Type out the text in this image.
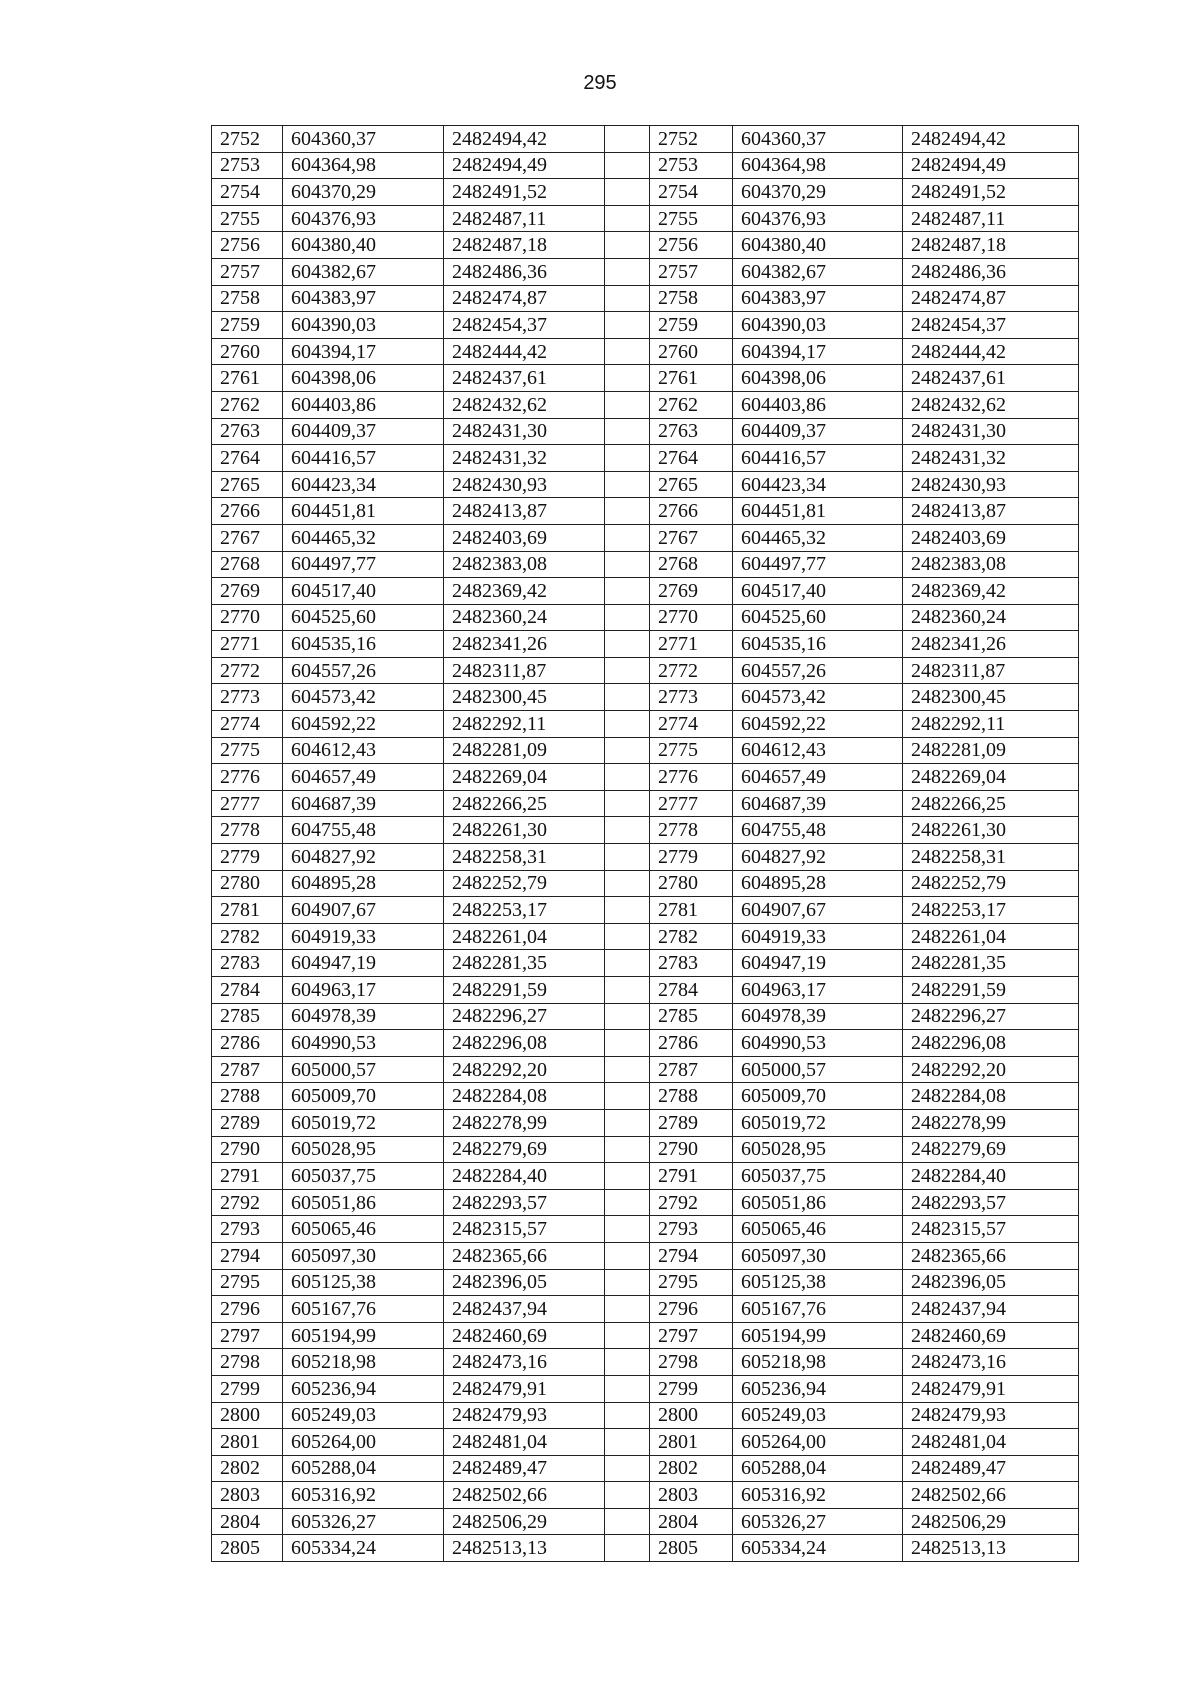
295
2752	604360,37	2482494,42		2752	604360,37	2482494,42
2753	604364,98	2482494,49		2753	604364,98	2482494,49
2754	604370,29	2482491,52		2754	604370,29	2482491,52
2755	604376,93	2482487,11		2755	604376,93	2482487,11
2756	604380,40	2482487,18		2756	604380,40	2482487,18
2757	604382,67	2482486,36		2757	604382,67	2482486,36
2758	604383,97	2482474,87		2758	604383,97	2482474,87
2759	604390,03	2482454,37		2759	604390,03	2482454,37
2760	604394,17	2482444,42		2760	604394,17	2482444,42
2761	604398,06	2482437,61		2761	604398,06	2482437,61
2762	604403,86	2482432,62		2762	604403,86	2482432,62
2763	604409,37	2482431,30		2763	604409,37	2482431,30
2764	604416,57	2482431,32		2764	604416,57	2482431,32
2765	604423,34	2482430,93		2765	604423,34	2482430,93
2766	604451,81	2482413,87		2766	604451,81	2482413,87
2767	604465,32	2482403,69		2767	604465,32	2482403,69
2768	604497,77	2482383,08		2768	604497,77	2482383,08
2769	604517,40	2482369,42		2769	604517,40	2482369,42
2770	604525,60	2482360,24		2770	604525,60	2482360,24
2771	604535,16	2482341,26		2771	604535,16	2482341,26
2772	604557,26	2482311,87		2772	604557,26	2482311,87
2773	604573,42	2482300,45		2773	604573,42	2482300,45
2774	604592,22	2482292,11		2774	604592,22	2482292,11
2775	604612,43	2482281,09		2775	604612,43	2482281,09
2776	604657,49	2482269,04		2776	604657,49	2482269,04
2777	604687,39	2482266,25		2777	604687,39	2482266,25
2778	604755,48	2482261,30		2778	604755,48	2482261,30
2779	604827,92	2482258,31		2779	604827,92	2482258,31
2780	604895,28	2482252,79		2780	604895,28	2482252,79
2781	604907,67	2482253,17		2781	604907,67	2482253,17
2782	604919,33	2482261,04		2782	604919,33	2482261,04
2783	604947,19	2482281,35		2783	604947,19	2482281,35
2784	604963,17	2482291,59		2784	604963,17	2482291,59
2785	604978,39	2482296,27		2785	604978,39	2482296,27
2786	604990,53	2482296,08		2786	604990,53	2482296,08
2787	605000,57	2482292,20		2787	605000,57	2482292,20
2788	605009,70	2482284,08		2788	605009,70	2482284,08
2789	605019,72	2482278,99		2789	605019,72	2482278,99
2790	605028,95	2482279,69		2790	605028,95	2482279,69
2791	605037,75	2482284,40		2791	605037,75	2482284,40
2792	605051,86	2482293,57		2792	605051,86	2482293,57
2793	605065,46	2482315,57		2793	605065,46	2482315,57
2794	605097,30	2482365,66		2794	605097,30	2482365,66
2795	605125,38	2482396,05		2795	605125,38	2482396,05
2796	605167,76	2482437,94		2796	605167,76	2482437,94
2797	605194,99	2482460,69		2797	605194,99	2482460,69
2798	605218,98	2482473,16		2798	605218,98	2482473,16
2799	605236,94	2482479,91		2799	605236,94	2482479,91
2800	605249,03	2482479,93		2800	605249,03	2482479,93
2801	605264,00	2482481,04		2801	605264,00	2482481,04
2802	605288,04	2482489,47		2802	605288,04	2482489,47
2803	605316,92	2482502,66		2803	605316,92	2482502,66
2804	605326,27	2482506,29		2804	605326,27	2482506,29
2805	605334,24	2482513,13		2805	605334,24	2482513,13
